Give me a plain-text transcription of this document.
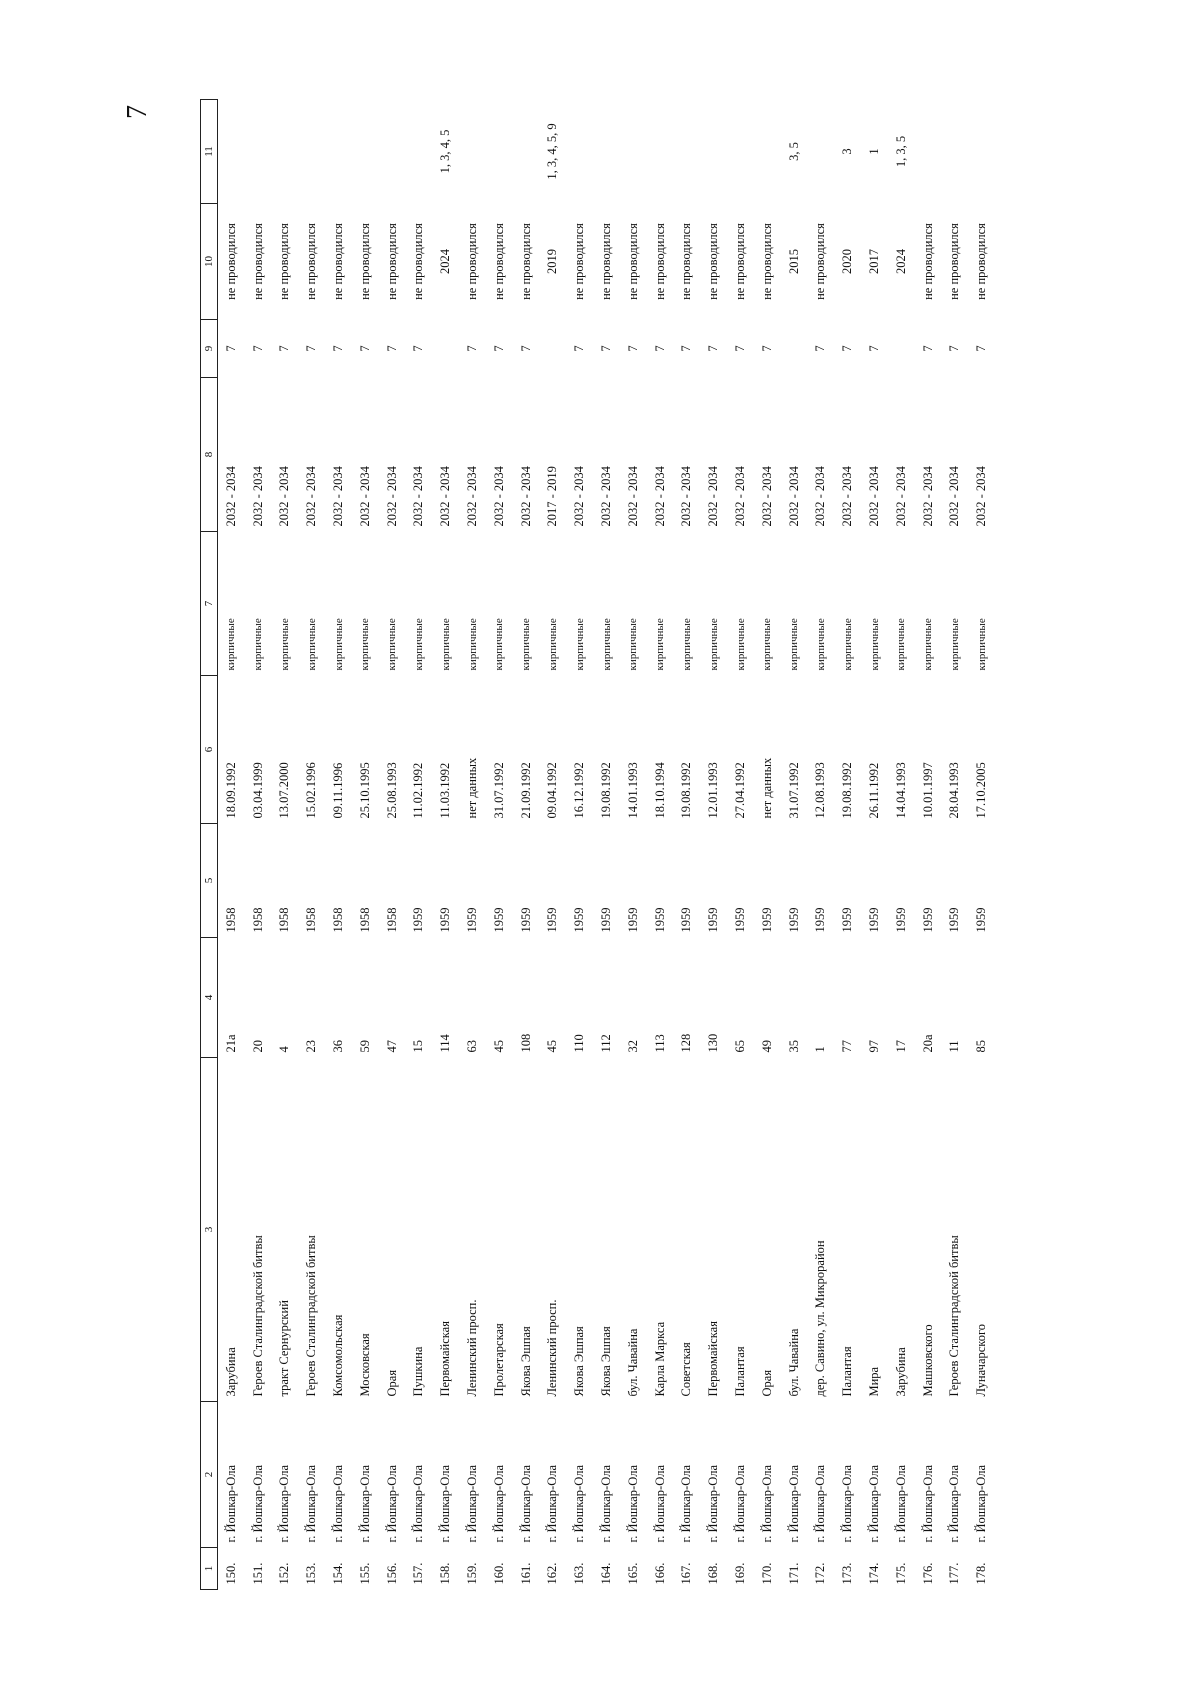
7
1	2	3	4	5	6	7	8	9	10	11
150.	г. Йошкар-Ола	Зарубина	21а	1958	18.09.1992	кирпичные	2032 - 2034	7	не проводился	
151.	г. Йошкар-Ола	Героев Сталинградской битвы	20	1958	03.04.1999	кирпичные	2032 - 2034	7	не проводился	
152.	г. Йошкар-Ола	тракт Сернурский	4	1958	13.07.2000	кирпичные	2032 - 2034	7	не проводился	
153.	г. Йошкар-Ола	Героев Сталинградской битвы	23	1958	15.02.1996	кирпичные	2032 - 2034	7	не проводился	
154.	г. Йошкар-Ола	Комсомольская	36	1958	09.11.1996	кирпичные	2032 - 2034	7	не проводился	
155.	г. Йошкар-Ола	Московская	59	1958	25.10.1995	кирпичные	2032 - 2034	7	не проводился	
156.	г. Йошкар-Ола	Орая	47	1958	25.08.1993	кирпичные	2032 - 2034	7	не проводился	
157.	г. Йошкар-Ола	Пушкина	15	1959	11.02.1992	кирпичные	2032 - 2034	7	не проводился	
158.	г. Йошкар-Ола	Первомайская	114	1959	11.03.1992	кирпичные	2032 - 2034		2024	1, 3, 4, 5
159.	г. Йошкар-Ола	Ленинский просп.	63	1959	нет данных	кирпичные	2032 - 2034	7	не проводился	
160.	г. Йошкар-Ола	Пролетарская	45	1959	31.07.1992	кирпичные	2032 - 2034	7	не проводился	
161.	г. Йошкар-Ола	Якова Эшпая	108	1959	21.09.1992	кирпичные	2032 - 2034	7	не проводился	
162.	г. Йошкар-Ола	Ленинский просп.	45	1959	09.04.1992	кирпичные	2017 - 2019		2019	1, 3, 4, 5, 9
163.	г. Йошкар-Ола	Якова Эшпая	110	1959	16.12.1992	кирпичные	2032 - 2034	7	не проводился	
164.	г. Йошкар-Ола	Якова Эшпая	112	1959	19.08.1992	кирпичные	2032 - 2034	7	не проводился	
165.	г. Йошкар-Ола	бул. Чавайна	32	1959	14.01.1993	кирпичные	2032 - 2034	7	не проводился	
166.	г. Йошкар-Ола	Карла Маркса	113	1959	18.10.1994	кирпичные	2032 - 2034	7	не проводился	
167.	г. Йошкар-Ола	Советская	128	1959	19.08.1992	кирпичные	2032 - 2034	7	не проводился	
168.	г. Йошкар-Ола	Первомайская	130	1959	12.01.1993	кирпичные	2032 - 2034	7	не проводился	
169.	г. Йошкар-Ола	Палантая	65	1959	27.04.1992	кирпичные	2032 - 2034	7	не проводился	
170.	г. Йошкар-Ола	Орая	49	1959	нет данных	кирпичные	2032 - 2034	7	не проводился	
171.	г. Йошкар-Ола	бул. Чавайна	35	1959	31.07.1992	кирпичные	2032 - 2034		2015	3, 5
172.	г. Йошкар-Ола	дер. Савино, ул. Микрорайон	1	1959	12.08.1993	кирпичные	2032 - 2034	7	не проводился	
173.	г. Йошкар-Ола	Палантая	77	1959	19.08.1992	кирпичные	2032 - 2034	7	2020	3
174.	г. Йошкар-Ола	Мира	97	1959	26.11.1992	кирпичные	2032 - 2034	7	2017	1
175.	г. Йошкар-Ола	Зарубина	17	1959	14.04.1993	кирпичные	2032 - 2034		2024	1, 3, 5
176.	г. Йошкар-Ола	Машковского	20а	1959	10.01.1997	кирпичные	2032 - 2034	7	не проводился	
177.	г. Йошкар-Ола	Героев Сталинградской битвы	11	1959	28.04.1993	кирпичные	2032 - 2034	7	не проводился	
178.	г. Йошкар-Ола	Луначарского	85	1959	17.10.2005	кирпичные	2032 - 2034	7	не проводился	
